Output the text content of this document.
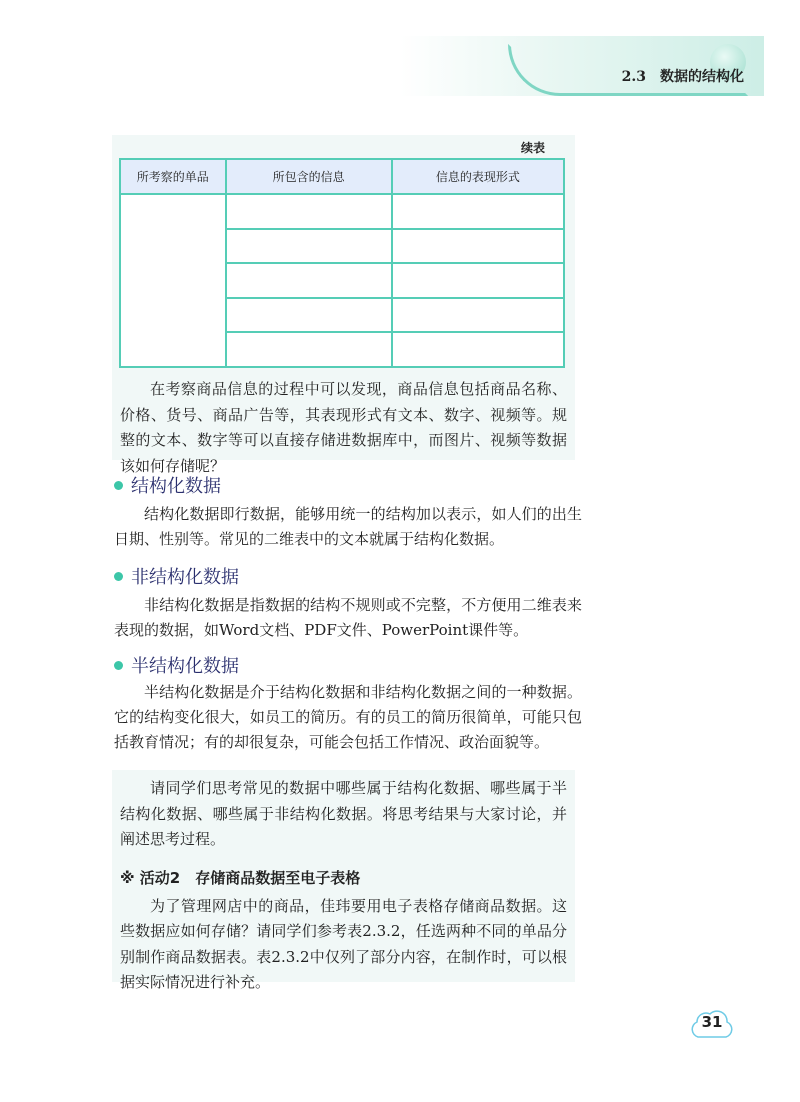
2.3　数据的结构化
续表
所考察的单品	所包含的信息	信息的表现形式

在考察商品信息的过程中可以发现，商品信息包括商品名称、价格、货号、商品广告等，其表现形式有文本、数字、视频等。规整的文本、数字等可以直接存储进数据库中，而图片、视频等数据该如何存储呢？
结构化数据
结构化数据即行数据，能够用统一的结构加以表示，如人们的出生日期、性别等。常见的二维表中的文本就属于结构化数据。
非结构化数据
非结构化数据是指数据的结构不规则或不完整，不方便用二维表来表现的数据，如Word文档、PDF文件、PowerPoint课件等。
半结构化数据
半结构化数据是介于结构化数据和非结构化数据之间的一种数据。它的结构变化很大，如员工的简历。有的员工的简历很简单，可能只包括教育情况；有的却很复杂，可能会包括工作情况、政治面貌等。
请同学们思考常见的数据中哪些属于结构化数据、哪些属于半结构化数据、哪些属于非结构化数据。将思考结果与大家讨论，并阐述思考过程。
※ 活动2　存储商品数据至电子表格
为了管理网店中的商品，佳玮要用电子表格存储商品数据。这些数据应如何存储？请同学们参考表2.3.2，任选两种不同的单品分别制作商品数据表。表2.3.2中仅列了部分内容，在制作时，可以根据实际情况进行补充。
31
